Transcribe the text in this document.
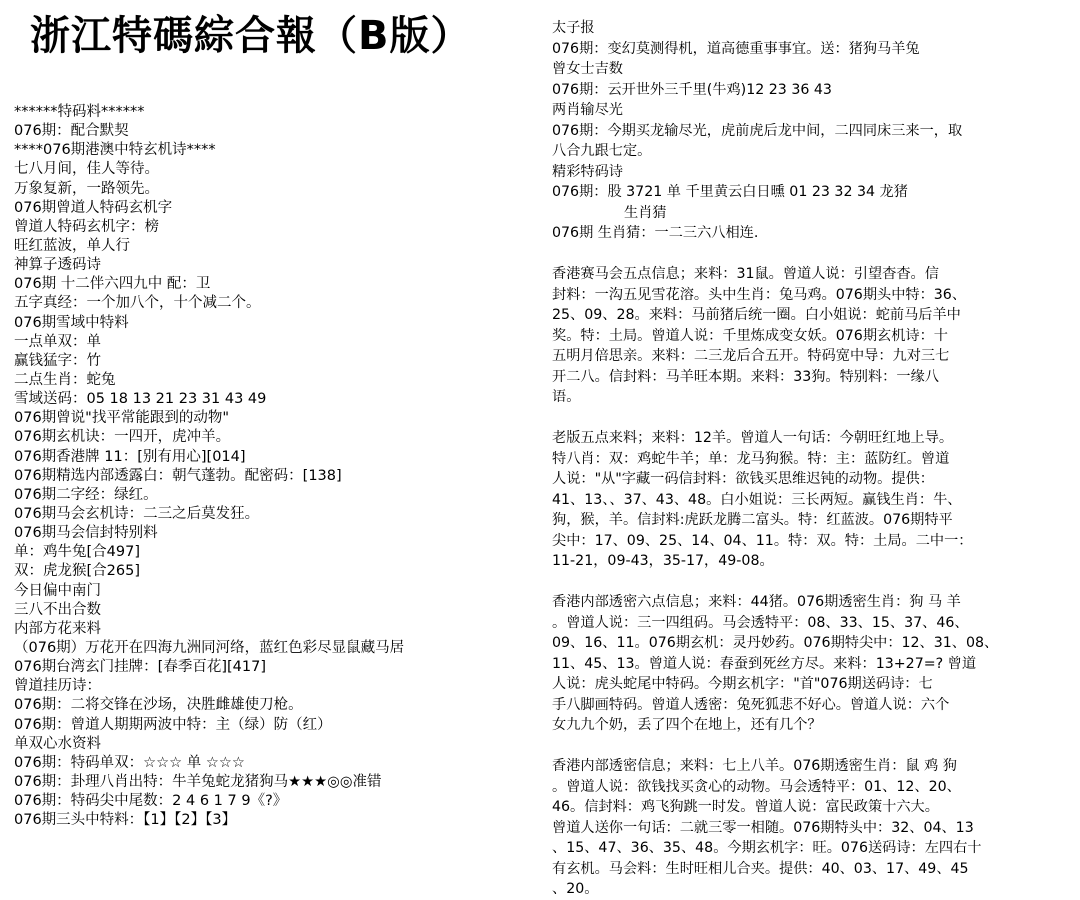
浙江特碼綜合報（B版）
******特码料******
076期：配合默契
****076期港澳中特玄机诗****
七八月间，佳人等待。
万象复新，一路领先。
076期曾道人特码玄机字
曾道人特码玄机字：榜
旺红蓝波，单人行
神算子透码诗
076期 十二伴六四九中 配：卫
五字真经：一个加八个，十个减二个。
076期雪域中特料
一点单双：单
赢钱猛字：竹
二点生肖：蛇兔
雪域送码：05 18 13 21 23 31 43 49
076期曾说"找平常能跟到的动物"
076期玄机诀：一四开，虎冲羊。
076期香港牌 11：[别有用心][014]
076期精选内部透露白：朝气蓬勃。配密码：[138]
076期二字经：绿红。
076期马会玄机诗：二三之后莫发狂。
076期马会信封特别料
单：鸡牛兔[合497]
双：虎龙猴[合265]
今日偏中南门
三八不出合数
内部方花来料
（076期）万花开在四海九洲同河络，蓝红色彩尽显鼠藏马居
076期台湾玄门挂牌：[春季百花][417]
曾道挂历诗：
076期：二将交锋在沙场，决胜雌雄使刀枪。
076期：曾道人期期两波中特：主（绿）防（红）
单双心水资料
076期：特码单双：☆☆☆ 单 ☆☆☆
076期：卦理八肖出特：牛羊兔蛇龙猪狗马★★★◎◎准错
076期：特码尖中尾数：2 4 6 1 7 9《?》
076期三头中特料：【1】【2】【3】
太子报
076期：变幻莫测得机，道高德重事事宜。送：猪狗马羊兔
曾女士吉数
076期：云开世外三千里(牛鸡)12 23 36 43
两肖输尽光
076期：今期买龙输尽光，虎前虎后龙中间，二四同床三来一，取
八合九跟七定。
精彩特码诗
076期：股 3721 单 千里黄云白日曛 01 23 32 34 龙猪
生肖猜
076期 生肖猜：一二三六八相连.
香港赛马会五点信息；来料：31鼠。曾道人说：引望杳杳。信
封料：一沟五见雪花溶。头中生肖：兔马鸡。076期头中特：36、
25、09、28。来料：马前猪后统一圈。白小姐说：蛇前马后羊中
奖。特：土局。曾道人说：千里炼成变女妖。076期玄机诗：十
五明月倍思亲。来料：二三龙后合五开。特码宽中导：九对三七
开二八。信封料：马羊旺本期。来料：33狗。特别料：一缘八
语。
老版五点来料；来料：12羊。曾道人一句话：今朝旺红地上导。
特八肖：双：鸡蛇牛羊；单：龙马狗猴。特：主：蓝防红。曾道
人说："从"字藏一码信封料：欲钱买思维迟钝的动物。提供：
41、13、、37、43、48。白小姐说：三长两短。赢钱生肖：牛、
狗，猴，羊。信封料:虎跃龙腾二富头。特：红蓝波。076期特平
尖中：17、09、25、14、04、11。特：双。特：土局。二中一：
11-21，09-43，35-17，49-08。
香港内部透密六点信息；来料：44猪。076期透密生肖：狗 马 羊
。曾道人说：三一四组码。马会透特平：08、33、15、37、46、
09、16、11。076期玄机：灵丹妙药。076期特尖中：12、31、08、
11、45、13。曾道人说：春蚕到死丝方尽。来料：13+27=? 曾道
人说：虎头蛇尾中特码。今期玄机字："首"076期送码诗：七
手八脚画特码。曾道人透密：兔死狐悲不好心。曾道人说：六个
女九九个奶，丢了四个在地上，还有几个？
香港内部透密信息；来料：七上八羊。076期透密生肖：鼠 鸡 狗
。曾道人说：欲钱找买贪心的动物。马会透特平：01、12、20、
46。信封料：鸡飞狗跳一时发。曾道人说：富民政策十六大。
曾道人送你一句话：二就三零一相随。076期特头中：32、04、13
、15、47、36、35、48。今期玄机字：旺。076送码诗：左四右十
有玄机。马会料：生时旺相儿合夹。提供：40、03、17、49、45
、20。
